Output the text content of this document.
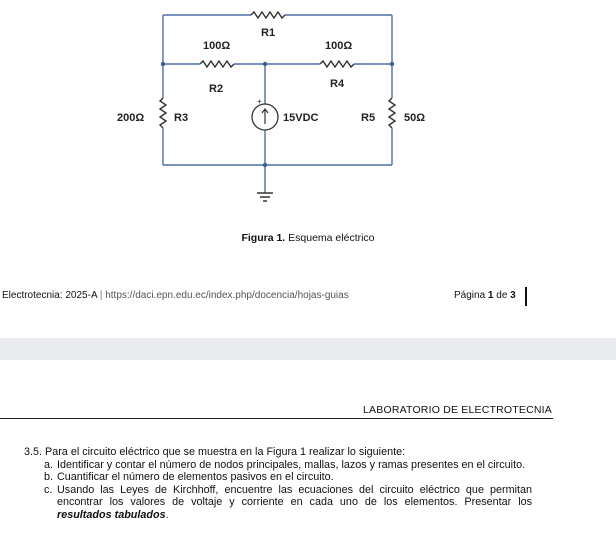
R1
100Ω
R2
100Ω
R4
200Ω	R3	15VDC	R5	50Ω
+
Figura 1. Esquema eléctrico
Electrotecnia: 2025-A | https://daci.epn.edu.ec/index.php/docencia/hojas-guias	Página 1 de 3
LABORATORIO DE ELECTROTECNIA
3.5. Para el circuito eléctrico que se muestra en la Figura 1 realizar lo siguiente:
a. Identificar y contar el número de nodos principales, mallas, lazos y ramas presentes en el circuito.
b. Cuantificar el número de elementos pasivos en el circuito.
c. Usando las Leyes de Kirchhoff, encuentre las ecuaciones del circuito eléctrico que permitan encontrar los valores de voltaje y corriente en cada uno de los elementos. Presentar los resultados tabulados.
